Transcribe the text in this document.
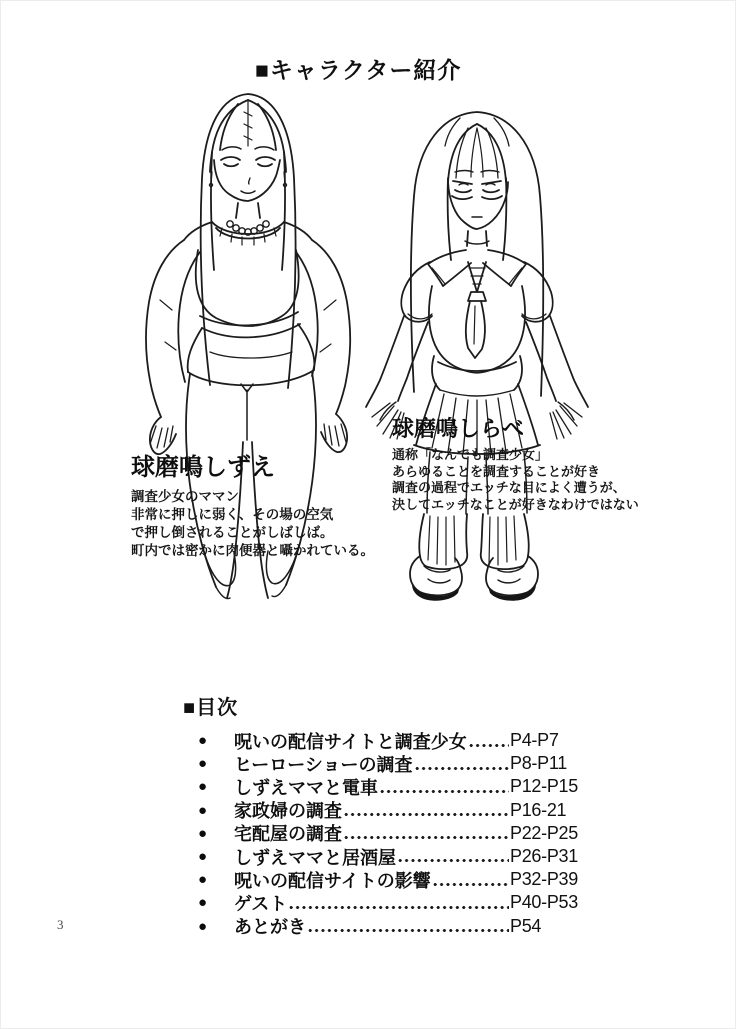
■キャラクター紹介
球磨鳴しずえ
調査少女のママン
非常に押しに弱く、その場の空気
で押し倒されることがしばしば。
町内では密かに肉便器と囁かれている。
球磨鳴しらべ
通称「なんでも調査少女」
あらゆることを調査することが好き
調査の過程でエッチな目によく遭うが、
決してエッチなことが好きなわけではない
■目次
●	呪いの配信サイトと調査少女 P4-P7
●	ヒーローショーの調査	P8-P11
●	しずえママと電車	P12-P15
●	家政婦の調査	P16-21
●	宅配屋の調査	P22-P25
●	しずえママと居酒屋	P26-P31
●	呪いの配信サイトの影響	P32-P39
●	ゲスト	P40-P53
●	あとがき	P54
3
